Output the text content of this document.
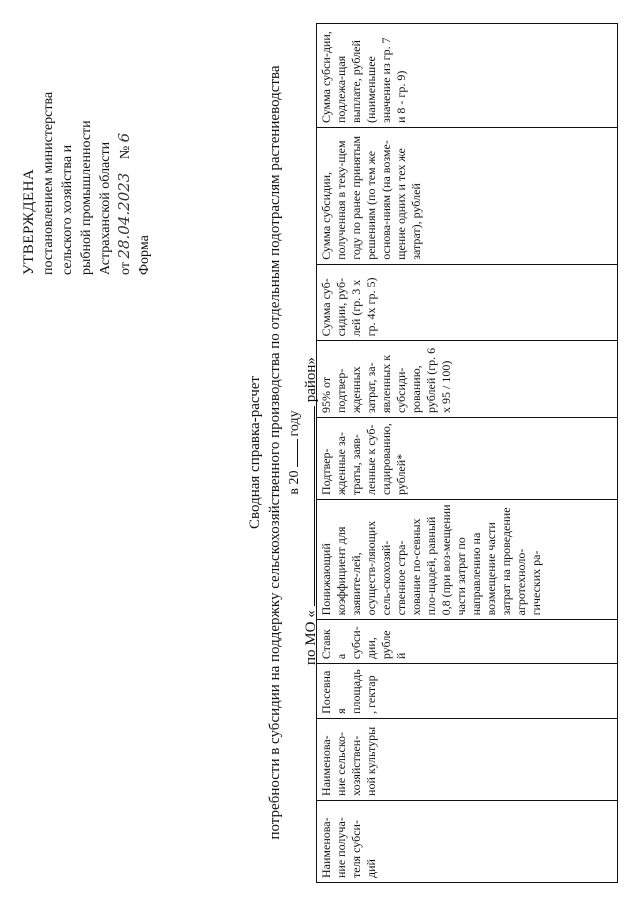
УТВЕРЖДЕНА постановлением министерства сельского хозяйства и рыбной промышленности Астраханской области от 28.04.2023 № 6
Форма
Сводная справка-расчет потребности в субсидии на поддержку сельскохозяйственного производства по отдельным подотраслям растениеводства в 20году
по МО «район»
Наименова-ние получа-теля субси-дий	Наименова-ние сельско-хозяйствен-ной культуры	Посевная площадь, гектар	Ставка субси-дии, рублей	Понижающий коэффициент для заявите-лей, осуществ-ляющих сель-скохозяй-ственное стра-хование по-севных пло-щадей, равный 0,8 (при воз-мещении части затрат по направлению на возмещение части затрат на проведение агротехноло-гических ра-	Подтвер-жденные за-траты, заяв-ленные к суб-сидированию, рублей*	95% от подтвер-жденных затрат, за-явленных к субсиди-рованию, рублей (гр. 6 x 95 / 100)	Сумма суб-сидии, руб-лей (гр. 3 x гр. 4x гр. 5)	Сумма субсидии, полученная в теку-щем году по ранее принятым решениям (по тем же основа-ниям (на возме-щение одних и тех же затрат), рублей	Сумма субси-дии, подлежа-щая выплате, рублей (наименьшее значение из гр. 7 и 8 - гр. 9)
